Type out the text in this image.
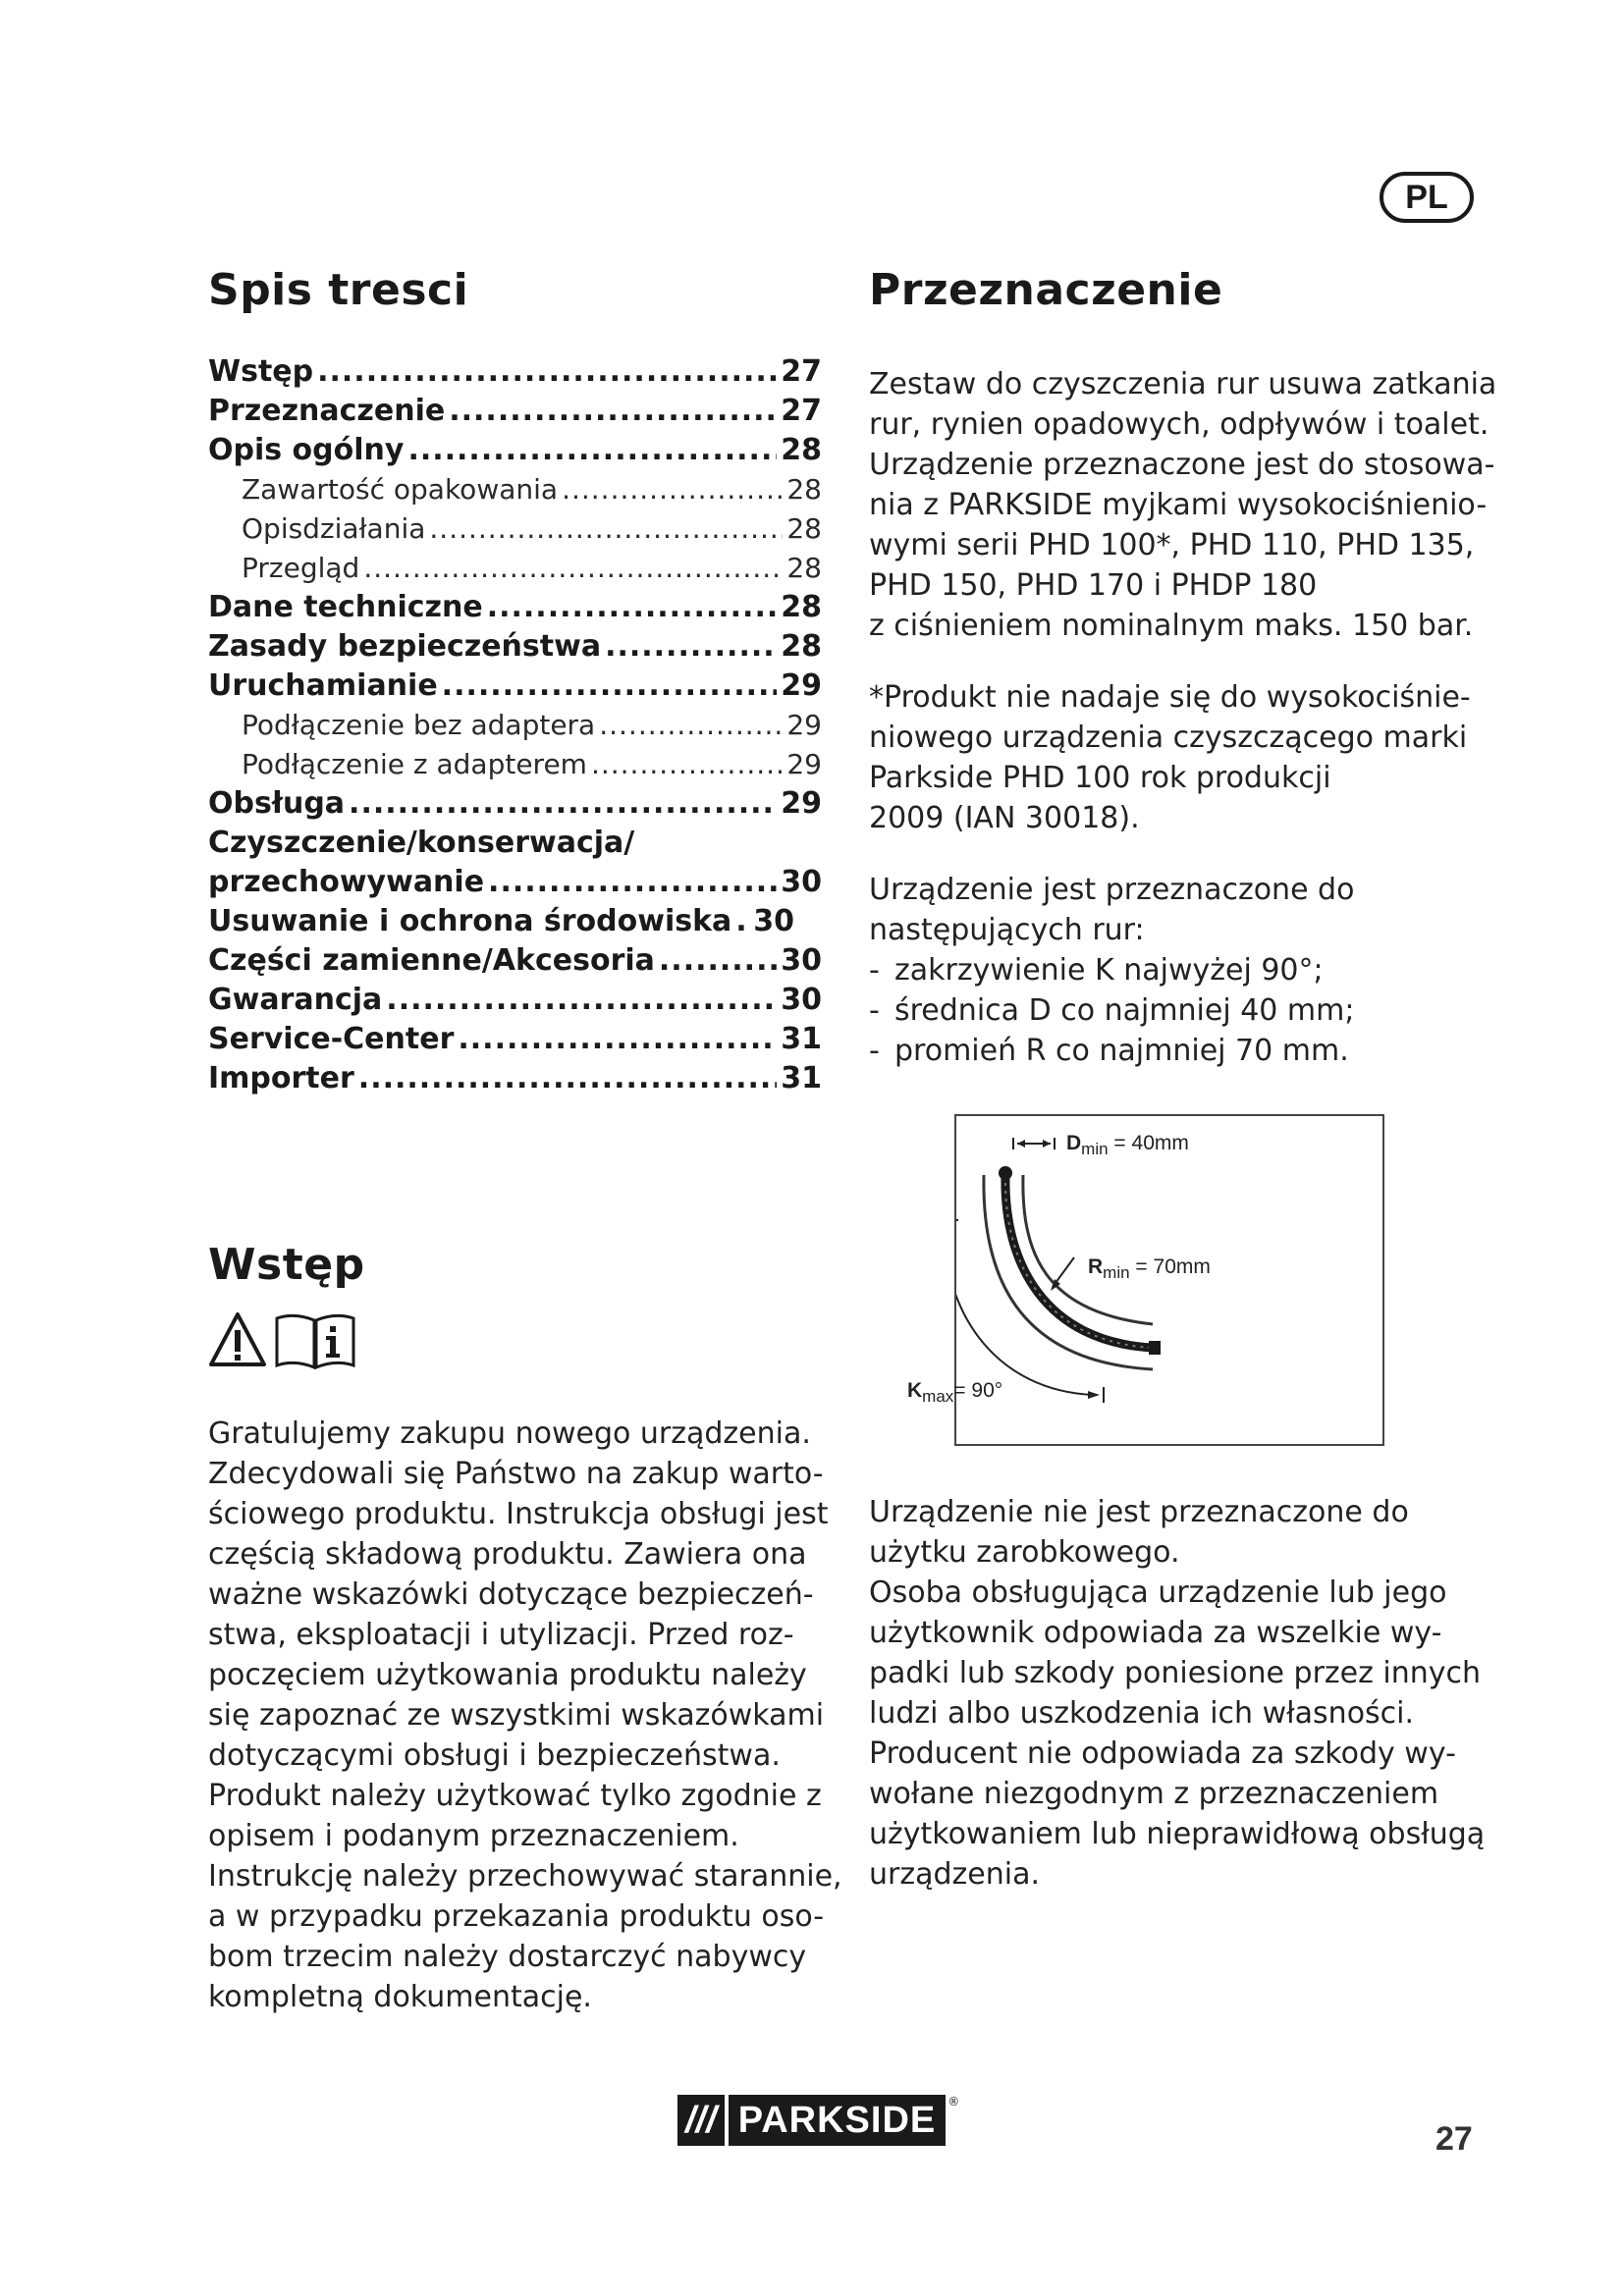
PL
Spis tresci
Wstęp .....	27
Przeznaczenie .....	27
Opis ogólny .....	28
Zawartość opakowania .....	28
Opisdziałania .....	28
Przegląd .....	28
Dane techniczne .....	28
Zasady bezpieczeństwa .....	28
Uruchamianie .....	29
Podłączenie bez adaptera .....	29
Podłączenie z adapterem .....	29
Obsługa .....	29
Czyszczenie/konserwacja/
przechowywanie .....	30
Usuwanie i ochrona środowiska ..... 30
Części zamienne/Akcesoria .....	30
Gwarancja .....	30
Service-Center .....	31
Importer .....	31
Wstęp

Gratulujemy zakupu nowego urządzenia.

Zdecydowali się Państwo na zakup warto-

ściowego produktu. Instrukcja obsługi jest

częścią składową produktu. Zawiera ona

ważne wskazówki dotyczące bezpieczeń-

stwa, eksploatacji i utylizacji. Przed roz-

poczęciem użytkowania produktu należy

się zapoznać ze wszystkimi wskazówkami

dotyczącymi obsługi i bezpieczeństwa.

Produkt należy użytkować tylko zgodnie z

opisem i podanym przeznaczeniem.

Instrukcję należy przechowywać starannie,

a w przypadku przekazania produktu oso-

bom trzecim należy dostarczyć nabywcy

kompletną dokumentację.

Przeznaczenie

Zestaw do czyszczenia rur usuwa zatkania

rur, rynien opadowych, odpływów i toalet.

Urządzenie przeznaczone jest do stosowa-

nia z PARKSIDE myjkami wysokociśnienio-

wymi serii PHD 100*, PHD 110, PHD 135,

PHD 150, PHD 170 i PHDP 180

z ciśnieniem nominalnym maks. 150 bar.

*Produkt nie nadaje się do wysokociśnie-

niowego urządzenia czyszczącego marki

Parkside PHD 100 rok produkcji

2009 (IAN 30018).

Urządzenie jest przeznaczone do

następujących rur:

- zakrzywienie K najwyżej 90°;
- średnica D co najmniej 40 mm;
- promień R co najmniej 70 mm.
$D_{min} = 40mm$
$R_{min} = 70mm$
$K_{max}= 90^\circ$

Urządzenie nie jest przeznaczone do

użytku zarobkowego.

Osoba obsługująca urządzenie lub jego

użytkownik odpowiada za wszelkie wy-

padki lub szkody poniesione przez innych

ludzi albo uszkodzenia ich własności.

Producent nie odpowiada za szkody wy-

wołane niezgodnym z przeznaczeniem

użytkowaniem lub nieprawidłową obsługą

urządzenia.

/// PARKSIDE	®
27
